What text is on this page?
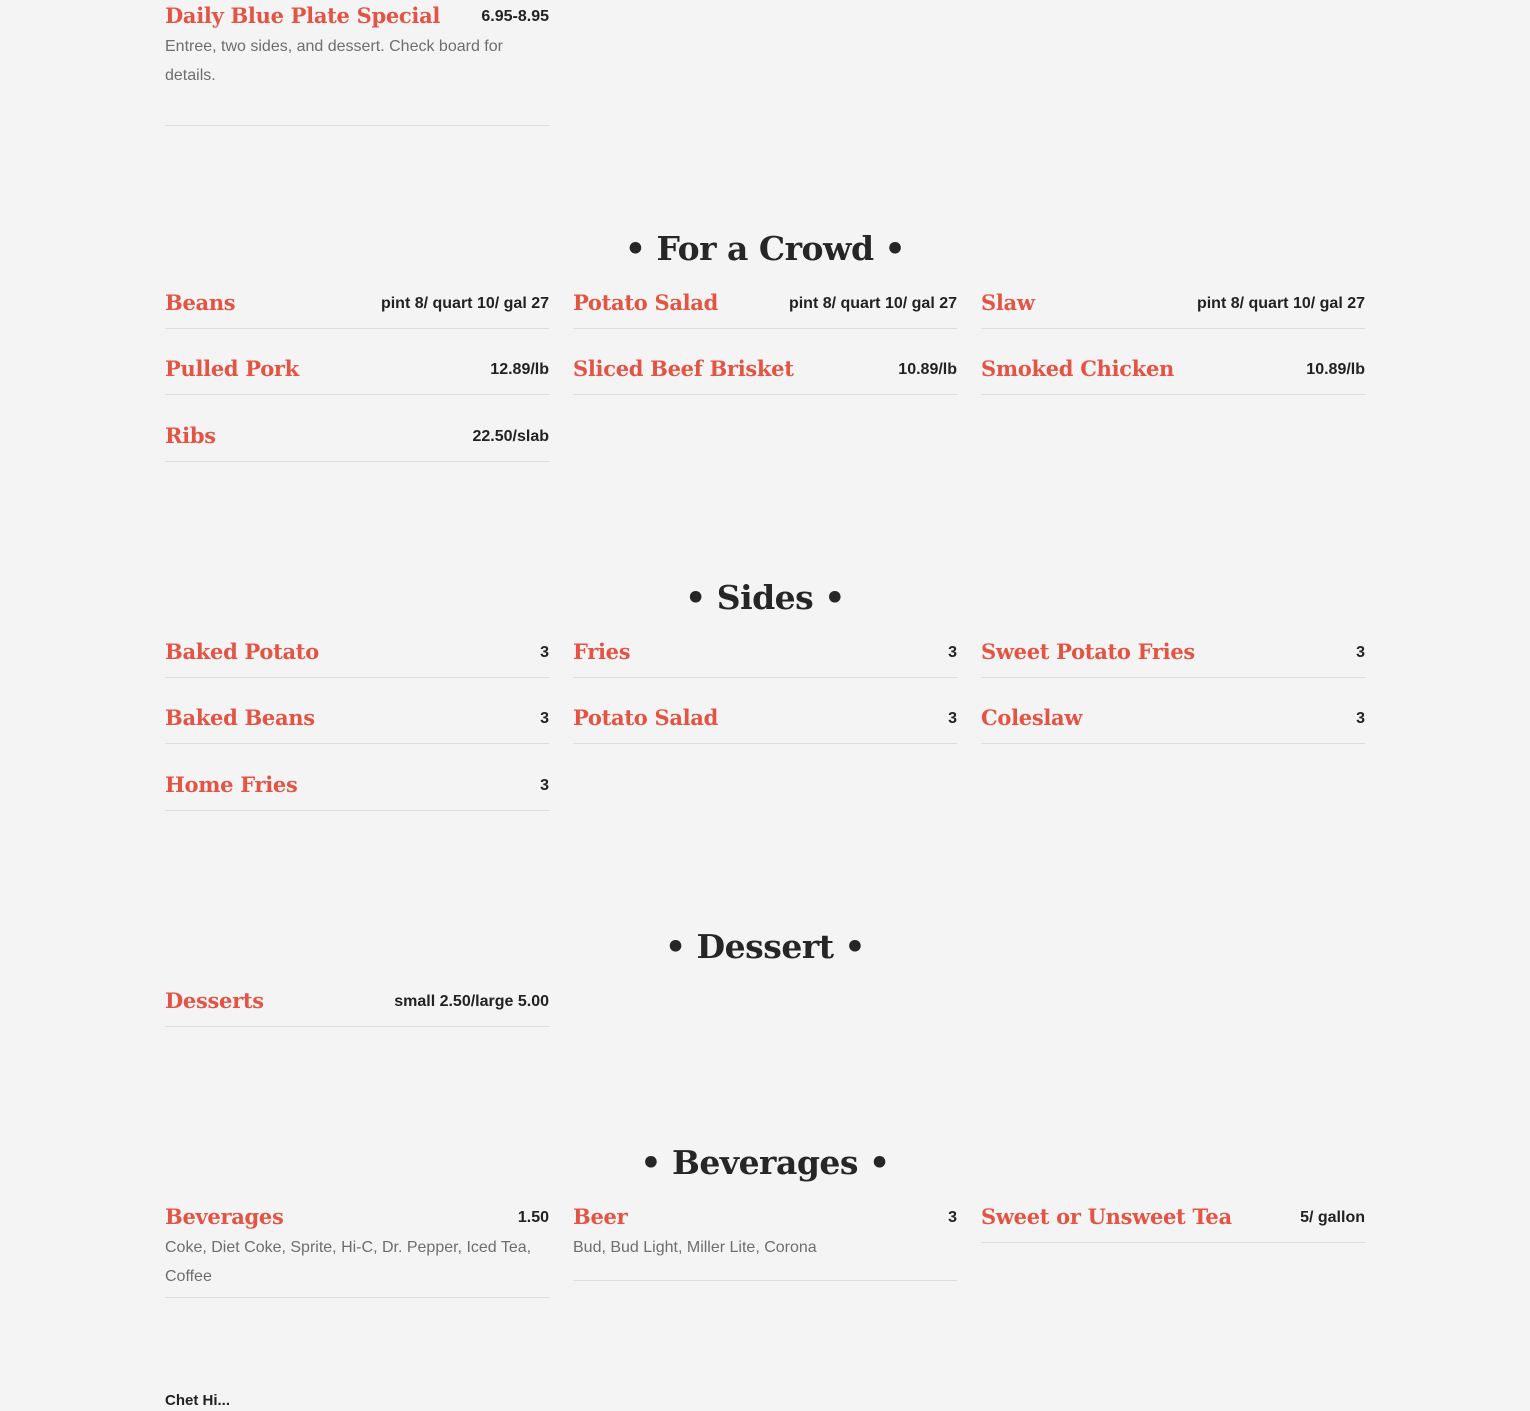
Daily Blue Plate Special	6.95-8.95
Entree, two sides, and dessert. Check board for details.
• For a Crowd •
Beans	pint 8/ quart 10/ gal 27 Potato Salad	pint 8/ quart 10/ gal 27 Slaw	pint 8/ quart 10/ gal 27
Pulled Pork	12.89/lb Sliced Beef Brisket	10.89/lb Smoked Chicken	10.89/lb
Ribs	22.50/slab
• Sides •
Baked Potato	3 Fries	3 Sweet Potato Fries	3
Baked Beans	3 Potato Salad	3 Coleslaw	3
Home Fries	3
• Dessert •
Desserts	small 2.50/large 5.00
• Beverages •
Beverages	1.50
Coke, Diet Coke, Sprite, Hi-C, Dr. Pepper, Iced Tea, Coffee
Beer	3
Bud, Bud Light, Miller Lite, Corona
Sweet or Unsweet Tea	5/ gallon
Chet Hi...
